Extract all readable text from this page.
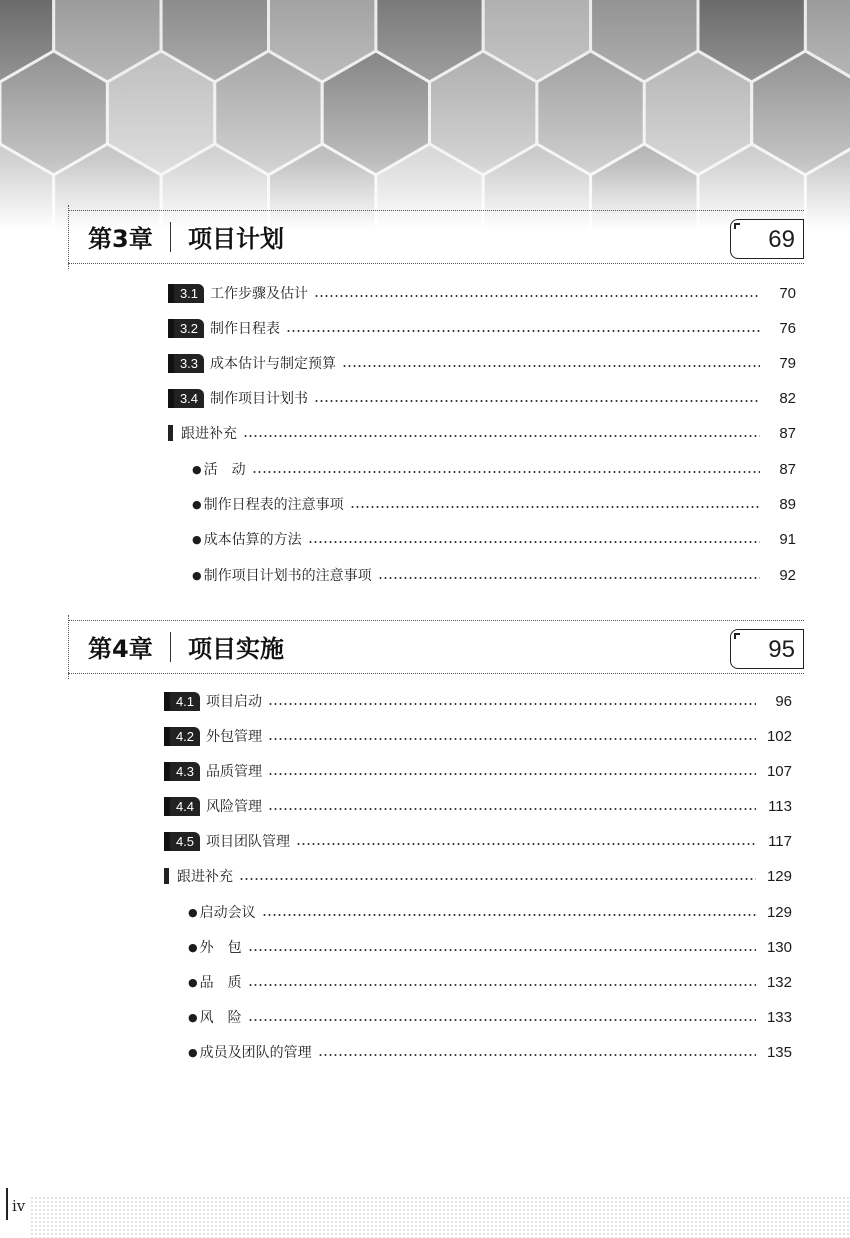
第3章 项目计划	69
3.1 工作步骤及估计	70
3.2 制作日程表	76
3.3 成本估计与制定预算	79
3.4 制作项目计划书	82
跟进补充	87
● 活　动	87
● 制作日程表的注意事项	89
● 成本估算的方法	91
● 制作项目计划书的注意事项	92
第4章 项目实施	95
4.1 项目启动	96
4.2 外包管理	102
4.3 品质管理	107
4.4 风险管理	113
4.5 项目团队管理	117
跟进补充	129
● 启动会议	129
● 外　包	130
● 品　质	132
● 风　险	133
● 成员及团队的管理	135
iv
